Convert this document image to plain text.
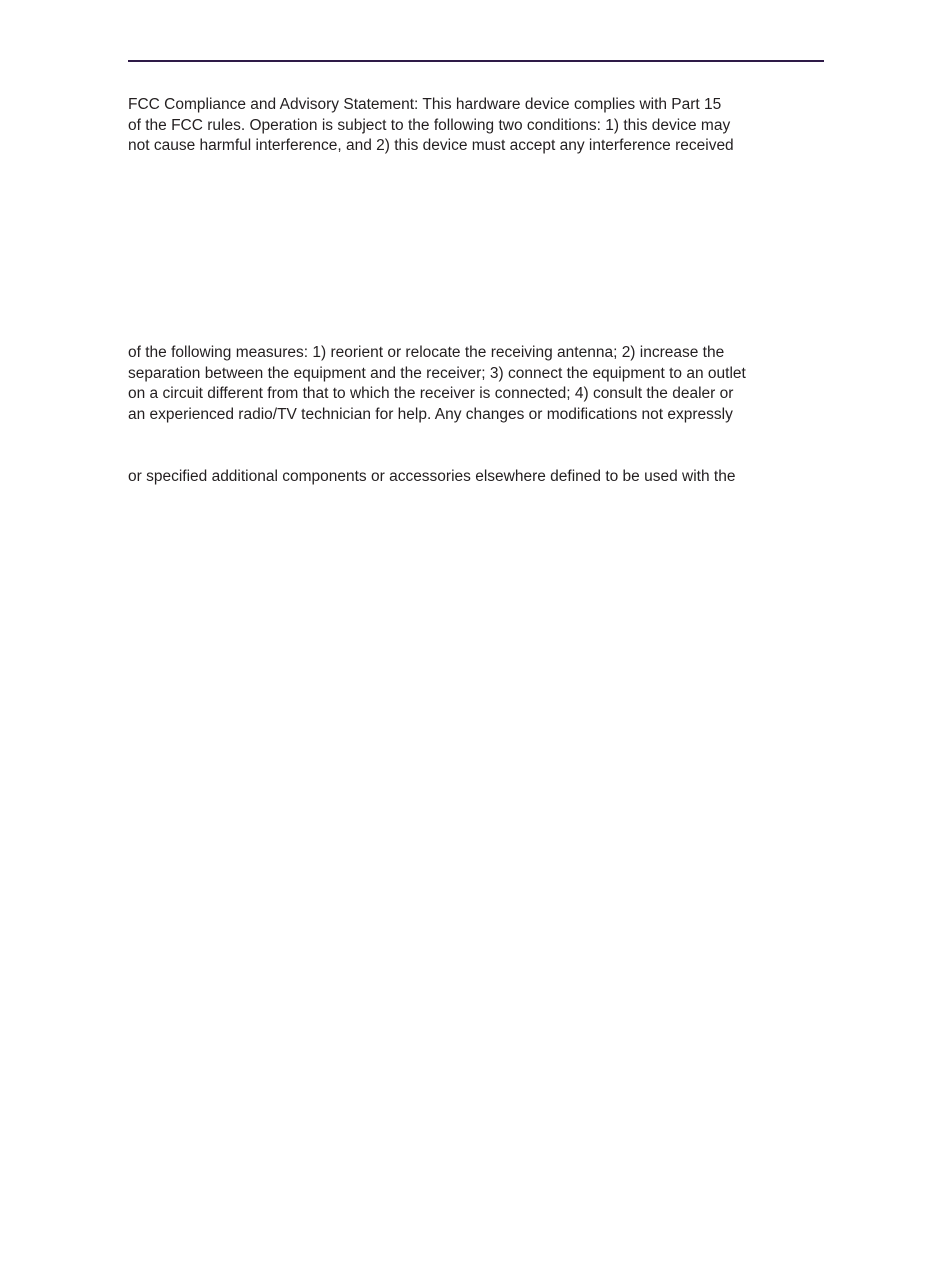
FCC Compliance and Advisory Statement: This hardware device complies with Part 15
of the FCC rules. Operation is subject to the following two conditions: 1) this device may
not cause harmful interference, and 2) this device must accept any interference received
of the following measures: 1) reorient or relocate the receiving antenna; 2) increase the
separation between the equipment and the receiver; 3) connect the equipment to an outlet
on a circuit different from that to which the receiver is connected; 4) consult the dealer or
an experienced radio/TV technician for help. Any changes or modifications not expressly
or specified additional components or accessories elsewhere defined to be used with the
